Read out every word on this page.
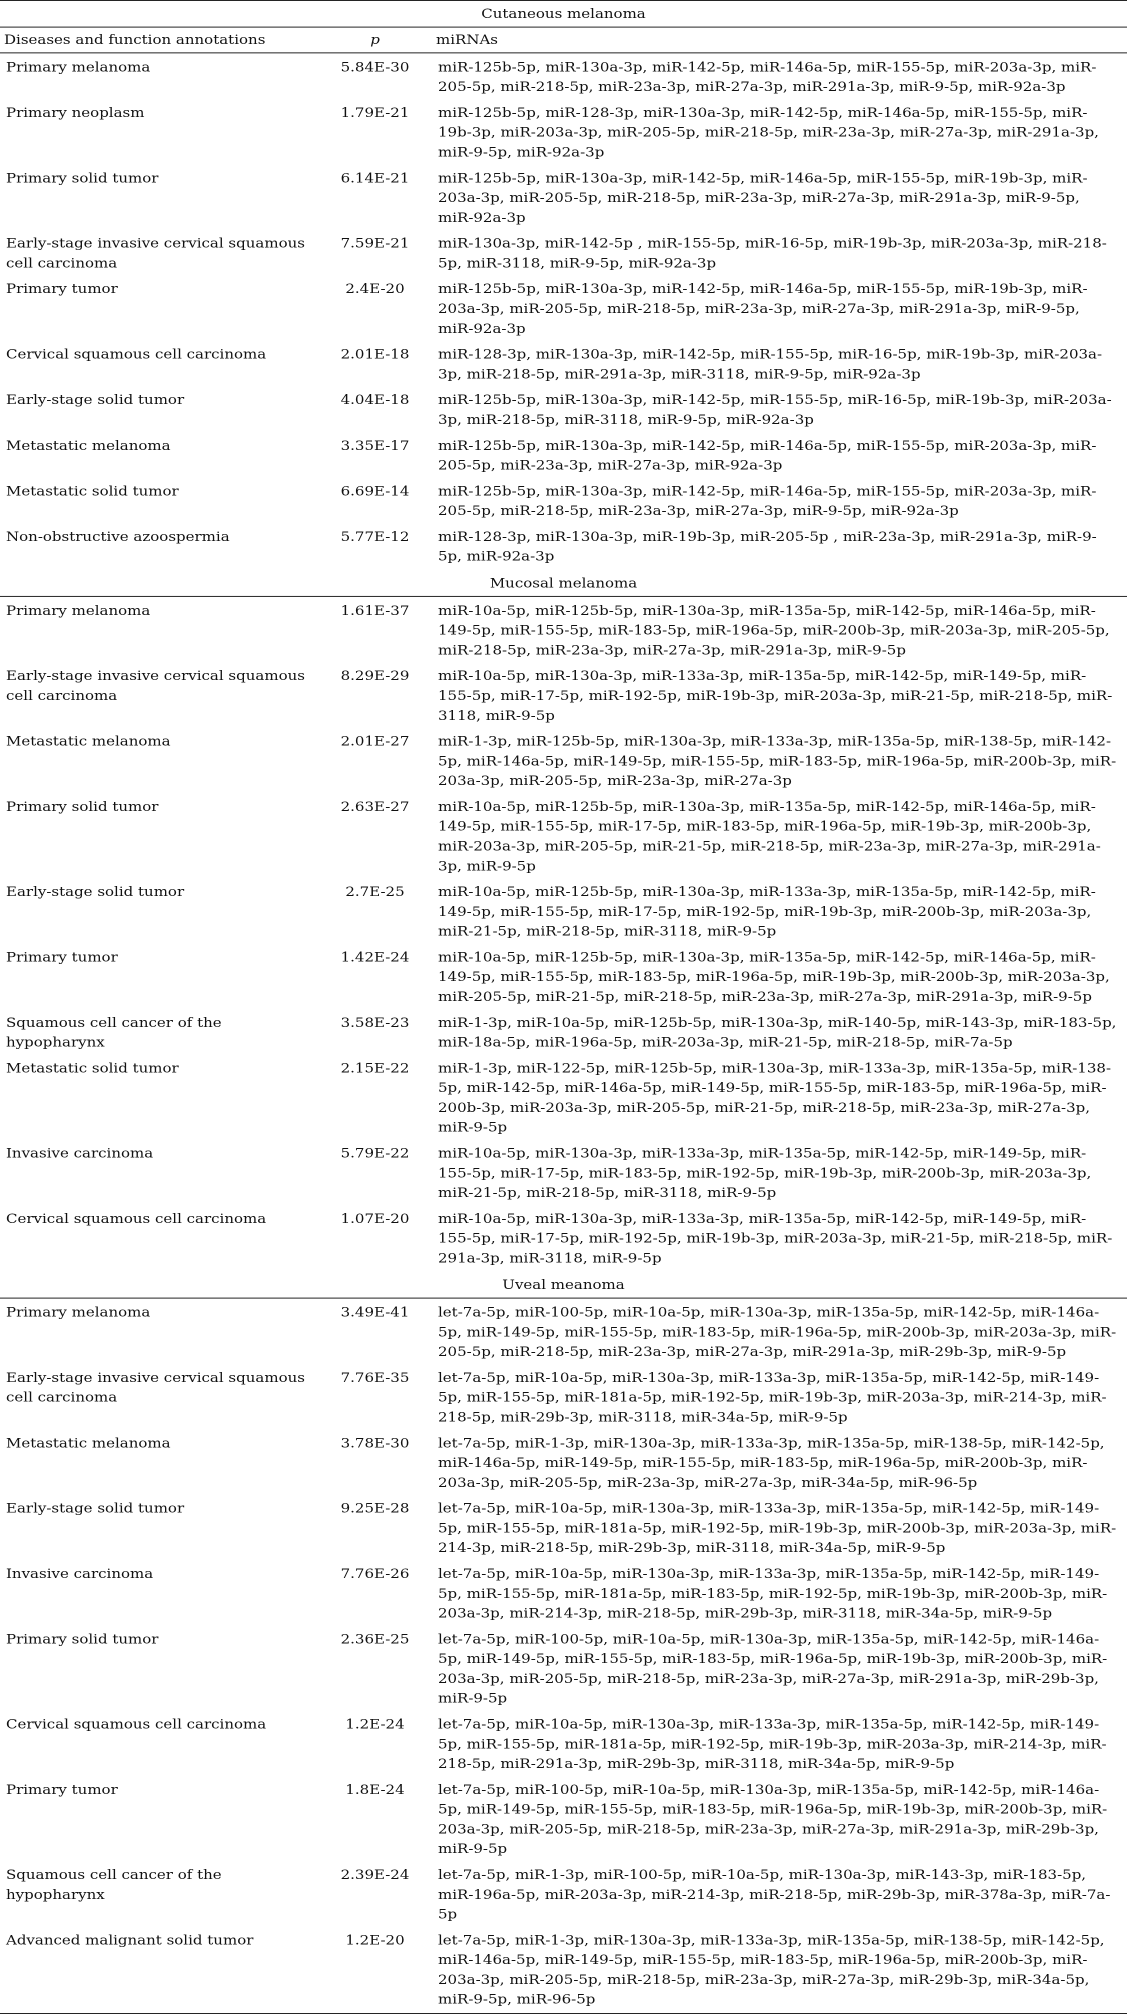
Cutaneous melanoma		
Diseases and function annotations	p	miRNAs
Primary melanoma	5.84E-30	miR-125b-5p, miR-130a-3p, miR-142-5p, miR-146a-5p, miR-155-5p, miR-203a-3p, miR-205-5p, miR-218-5p, miR-23a-3p, miR-27a-3p, miR-291a-3p, miR-9-5p, miR-92a-3p
Primary neoplasm	1.79E-21	miR-125b-5p, miR-128-3p, miR-130a-3p, miR-142-5p, miR-146a-5p, miR-155-5p, miR-19b-3p, miR-203a-3p, miR-205-5p, miR-218-5p, miR-23a-3p, miR-27a-3p, miR-291a-3p, miR-9-5p, miR-92a-3p
Primary solid tumor	6.14E-21	miR-125b-5p, miR-130a-3p, miR-142-5p, miR-146a-5p, miR-155-5p, miR-19b-3p, miR-203a-3p, miR-205-5p, miR-218-5p, miR-23a-3p, miR-27a-3p, miR-291a-3p, miR-9-5p, miR-92a-3p
Early-stage invasive cervical squamous cell carcinoma	7.59E-21	miR-130a-3p, miR-142-5p , miR-155-5p, miR-16-5p, miR-19b-3p, miR-203a-3p, miR-218-5p, miR-3118, miR-9-5p, miR-92a-3p
Primary tumor	2.4E-20	miR-125b-5p, miR-130a-3p, miR-142-5p, miR-146a-5p, miR-155-5p, miR-19b-3p, miR-203a-3p, miR-205-5p, miR-218-5p, miR-23a-3p, miR-27a-3p, miR-291a-3p, miR-9-5p, miR-92a-3p
Cervical squamous cell carcinoma	2.01E-18	miR-128-3p, miR-130a-3p, miR-142-5p, miR-155-5p, miR-16-5p, miR-19b-3p, miR-203a-3p, miR-218-5p, miR-291a-3p, miR-3118, miR-9-5p, miR-92a-3p
Early-stage solid tumor	4.04E-18	miR-125b-5p, miR-130a-3p, miR-142-5p, miR-155-5p, miR-16-5p, miR-19b-3p, miR-203a-3p, miR-218-5p, miR-3118, miR-9-5p, miR-92a-3p
Metastatic melanoma	3.35E-17	miR-125b-5p, miR-130a-3p, miR-142-5p, miR-146a-5p, miR-155-5p, miR-203a-3p, miR-205-5p, miR-23a-3p, miR-27a-3p, miR-92a-3p
Metastatic solid tumor	6.69E-14	miR-125b-5p, miR-130a-3p, miR-142-5p, miR-146a-5p, miR-155-5p, miR-203a-3p, miR-205-5p, miR-218-5p, miR-23a-3p, miR-27a-3p, miR-9-5p, miR-92a-3p
Non-obstructive azoospermia	5.77E-12	miR-128-3p, miR-130a-3p, miR-19b-3p, miR-205-5p , miR-23a-3p, miR-291a-3p, miR-9-5p, miR-92a-3p
Mucosal melanoma		
Primary melanoma	1.61E-37	miR-10a-5p, miR-125b-5p, miR-130a-3p, miR-135a-5p, miR-142-5p, miR-146a-5p, miR-149-5p, miR-155-5p, miR-183-5p, miR-196a-5p, miR-200b-3p, miR-203a-3p, miR-205-5p, miR-218-5p, miR-23a-3p, miR-27a-3p, miR-291a-3p, miR-9-5p
Early-stage invasive cervical squamous cell carcinoma	8.29E-29	miR-10a-5p, miR-130a-3p, miR-133a-3p, miR-135a-5p, miR-142-5p, miR-149-5p, miR-155-5p, miR-17-5p, miR-192-5p, miR-19b-3p, miR-203a-3p, miR-21-5p, miR-218-5p, miR-3118, miR-9-5p
Metastatic melanoma	2.01E-27	miR-1-3p, miR-125b-5p, miR-130a-3p, miR-133a-3p, miR-135a-5p, miR-138-5p, miR-142-5p, miR-146a-5p, miR-149-5p, miR-155-5p, miR-183-5p, miR-196a-5p, miR-200b-3p, miR-203a-3p, miR-205-5p, miR-23a-3p, miR-27a-3p
Primary solid tumor	2.63E-27	miR-10a-5p, miR-125b-5p, miR-130a-3p, miR-135a-5p, miR-142-5p, miR-146a-5p, miR-149-5p, miR-155-5p, miR-17-5p, miR-183-5p, miR-196a-5p, miR-19b-3p, miR-200b-3p, miR-203a-3p, miR-205-5p, miR-21-5p, miR-218-5p, miR-23a-3p, miR-27a-3p, miR-291a-3p, miR-9-5p
Early-stage solid tumor	2.7E-25	miR-10a-5p, miR-125b-5p, miR-130a-3p, miR-133a-3p, miR-135a-5p, miR-142-5p, miR-149-5p, miR-155-5p, miR-17-5p, miR-192-5p, miR-19b-3p, miR-200b-3p, miR-203a-3p, miR-21-5p, miR-218-5p, miR-3118, miR-9-5p
Primary tumor	1.42E-24	miR-10a-5p, miR-125b-5p, miR-130a-3p, miR-135a-5p, miR-142-5p, miR-146a-5p, miR-149-5p, miR-155-5p, miR-183-5p, miR-196a-5p, miR-19b-3p, miR-200b-3p, miR-203a-3p, miR-205-5p, miR-21-5p, miR-218-5p, miR-23a-3p, miR-27a-3p, miR-291a-3p, miR-9-5p
Squamous cell cancer of the hypopharynx	3.58E-23	miR-1-3p, miR-10a-5p, miR-125b-5p, miR-130a-3p, miR-140-5p, miR-143-3p, miR-183-5p, miR-18a-5p, miR-196a-5p, miR-203a-3p, miR-21-5p, miR-218-5p, miR-7a-5p
Metastatic solid tumor	2.15E-22	miR-1-3p, miR-122-5p, miR-125b-5p, miR-130a-3p, miR-133a-3p, miR-135a-5p, miR-138-5p, miR-142-5p, miR-146a-5p, miR-149-5p, miR-155-5p, miR-183-5p, miR-196a-5p, miR-200b-3p, miR-203a-3p, miR-205-5p, miR-21-5p, miR-218-5p, miR-23a-3p, miR-27a-3p, miR-9-5p
Invasive carcinoma	5.79E-22	miR-10a-5p, miR-130a-3p, miR-133a-3p, miR-135a-5p, miR-142-5p, miR-149-5p, miR-155-5p, miR-17-5p, miR-183-5p, miR-192-5p, miR-19b-3p, miR-200b-3p, miR-203a-3p, miR-21-5p, miR-218-5p, miR-3118, miR-9-5p
Cervical squamous cell carcinoma	1.07E-20	miR-10a-5p, miR-130a-3p, miR-133a-3p, miR-135a-5p, miR-142-5p, miR-149-5p, miR-155-5p, miR-17-5p, miR-192-5p, miR-19b-3p, miR-203a-3p, miR-21-5p, miR-218-5p, miR-291a-3p, miR-3118, miR-9-5p
Uveal meanoma		
Primary melanoma	3.49E-41	let-7a-5p, miR-100-5p, miR-10a-5p, miR-130a-3p, miR-135a-5p, miR-142-5p, miR-146a-5p, miR-149-5p, miR-155-5p, miR-183-5p, miR-196a-5p, miR-200b-3p, miR-203a-3p, miR-205-5p, miR-218-5p, miR-23a-3p, miR-27a-3p, miR-291a-3p, miR-29b-3p, miR-9-5p
Early-stage invasive cervical squamous cell carcinoma	7.76E-35	let-7a-5p, miR-10a-5p, miR-130a-3p, miR-133a-3p, miR-135a-5p, miR-142-5p, miR-149-5p, miR-155-5p, miR-181a-5p, miR-192-5p, miR-19b-3p, miR-203a-3p, miR-214-3p, miR-218-5p, miR-29b-3p, miR-3118, miR-34a-5p, miR-9-5p
Metastatic melanoma	3.78E-30	let-7a-5p, miR-1-3p, miR-130a-3p, miR-133a-3p, miR-135a-5p, miR-138-5p, miR-142-5p, miR-146a-5p, miR-149-5p, miR-155-5p, miR-183-5p, miR-196a-5p, miR-200b-3p, miR-203a-3p, miR-205-5p, miR-23a-3p, miR-27a-3p, miR-34a-5p, miR-96-5p
Early-stage solid tumor	9.25E-28	let-7a-5p, miR-10a-5p, miR-130a-3p, miR-133a-3p, miR-135a-5p, miR-142-5p, miR-149-5p, miR-155-5p, miR-181a-5p, miR-192-5p, miR-19b-3p, miR-200b-3p, miR-203a-3p, miR-214-3p, miR-218-5p, miR-29b-3p, miR-3118, miR-34a-5p, miR-9-5p
Invasive carcinoma	7.76E-26	let-7a-5p, miR-10a-5p, miR-130a-3p, miR-133a-3p, miR-135a-5p, miR-142-5p, miR-149-5p, miR-155-5p, miR-181a-5p, miR-183-5p, miR-192-5p, miR-19b-3p, miR-200b-3p, miR-203a-3p, miR-214-3p, miR-218-5p, miR-29b-3p, miR-3118, miR-34a-5p, miR-9-5p
Primary solid tumor	2.36E-25	let-7a-5p, miR-100-5p, miR-10a-5p, miR-130a-3p, miR-135a-5p, miR-142-5p, miR-146a-5p, miR-149-5p, miR-155-5p, miR-183-5p, miR-196a-5p, miR-19b-3p, miR-200b-3p, miR-203a-3p, miR-205-5p, miR-218-5p, miR-23a-3p, miR-27a-3p, miR-291a-3p, miR-29b-3p, miR-9-5p
Cervical squamous cell carcinoma	1.2E-24	let-7a-5p, miR-10a-5p, miR-130a-3p, miR-133a-3p, miR-135a-5p, miR-142-5p, miR-149-5p, miR-155-5p, miR-181a-5p, miR-192-5p, miR-19b-3p, miR-203a-3p, miR-214-3p, miR-218-5p, miR-291a-3p, miR-29b-3p, miR-3118, miR-34a-5p, miR-9-5p
Primary tumor	1.8E-24	let-7a-5p, miR-100-5p, miR-10a-5p, miR-130a-3p, miR-135a-5p, miR-142-5p, miR-146a-5p, miR-149-5p, miR-155-5p, miR-183-5p, miR-196a-5p, miR-19b-3p, miR-200b-3p, miR-203a-3p, miR-205-5p, miR-218-5p, miR-23a-3p, miR-27a-3p, miR-291a-3p, miR-29b-3p, miR-9-5p
Squamous cell cancer of the hypopharynx	2.39E-24	let-7a-5p, miR-1-3p, miR-100-5p, miR-10a-5p, miR-130a-3p, miR-143-3p, miR-183-5p, miR-196a-5p, miR-203a-3p, miR-214-3p, miR-218-5p, miR-29b-3p, miR-378a-3p, miR-7a-5p
Advanced malignant solid tumor	1.2E-20	let-7a-5p, miR-1-3p, miR-130a-3p, miR-133a-3p, miR-135a-5p, miR-138-5p, miR-142-5p, miR-146a-5p, miR-149-5p, miR-155-5p, miR-183-5p, miR-196a-5p, miR-200b-3p, miR-203a-3p, miR-205-5p, miR-218-5p, miR-23a-3p, miR-27a-3p, miR-29b-3p, miR-34a-5p, miR-9-5p, miR-96-5p
